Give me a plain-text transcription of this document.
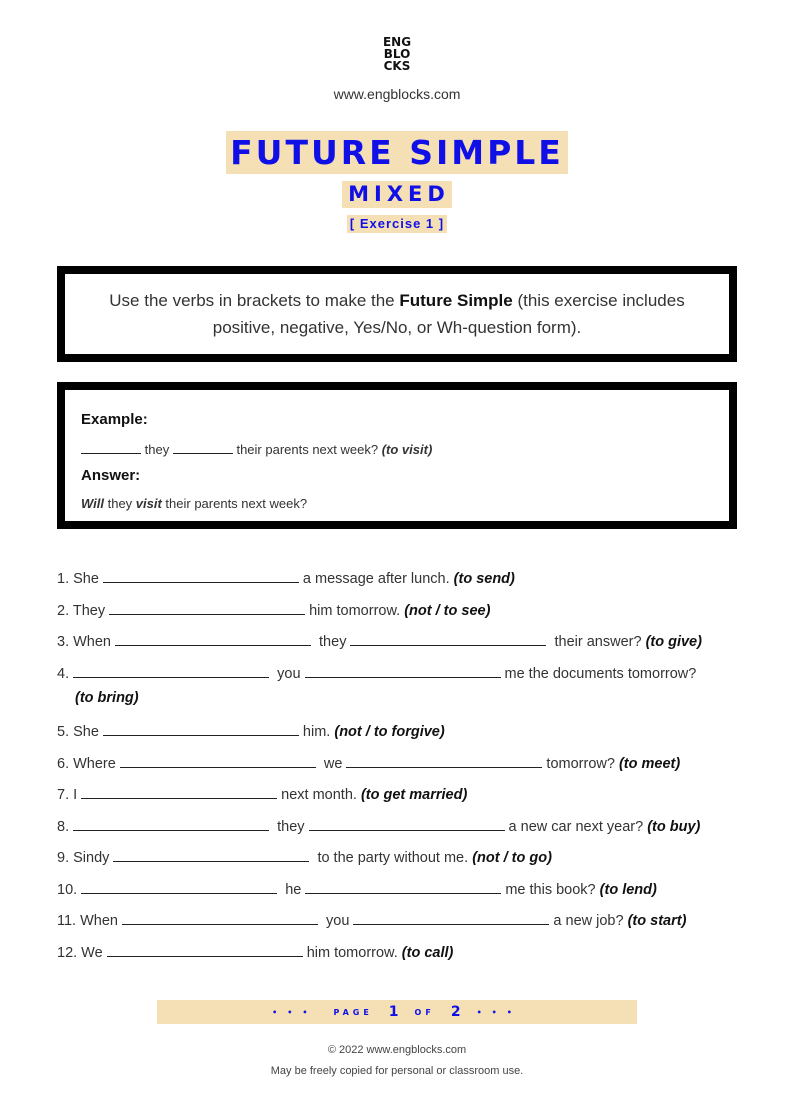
ENG
BLO
CKS
www.engblocks.com
FUTURE SIMPLE
MIXED
[ Exercise 1 ]
Use the verbs in brackets to make the Future Simple (this exercise includes positive, negative, Yes/No, or Wh-question form).
Example:
they	their parents next week? (to visit)
Answer:
Will they visit their parents next week?
1. She	a message after lunch. (to send)
2. They	him tomorrow. (not / to see)
3. When	they	their answer? (to give)
4.	you	me the documents tomorrow?
(to bring)
5. She	him. (not / to forgive)
6. Where	we	tomorrow? (to meet)
7. I	next month. (to get married)
8.	they	a new car next year? (to buy)
9. Sindy	to the party without me. (not / to go)
10.	he	me this book? (to lend)
11. When	you	a new job? (to start)
12. We	him tomorrow. (to call)
••• PAGE 1 OF 2 •••
© 2022 www.engblocks.com
May be freely copied for personal or classroom use.
